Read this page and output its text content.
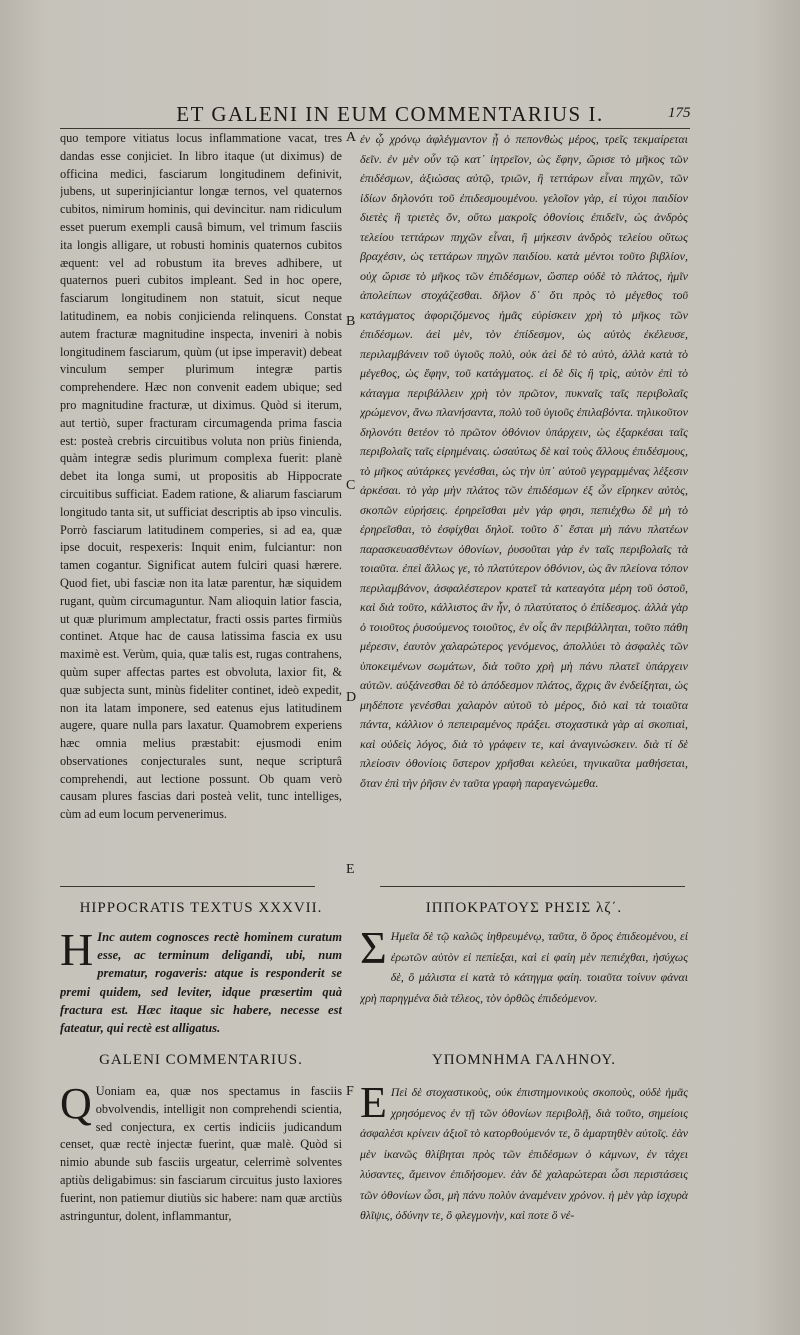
ET GALENI IN EUM COMMENTARIUS I.	175

quo tempore vitiatus locus inflammatione vacat, tres dandas esse conjiciet. In libro itaque (ut diximus) de officina medici, fasciarum longitudinem definivit, jubens, ut superinjiciantur longæ ternos, vel quaternos cubitos, nimirum hominis, qui devincitur. nam ridiculum esset puerum exempli causâ bimum, vel trimum fasciis ita longis alligare, ut robusti hominis quaternos cubitos æquent: vel ad robustum ita breves adhibere, ut quaternos pueri cubitos impleant. Sed in hoc opere, fasciarum longitudinem non statuit, sicut neque latitudinem, ea nobis conjicienda relinquens. Constat autem fracturæ magnitudine inspecta, inveniri à nobis longitudinem fasciarum, quùm (ut ipse imperavit) debeat vinculum semper plurimum integræ partis comprehendere. Hæc non convenit eadem ubique; sed pro magnitudine fracturæ, ut diximus. Quòd si iterum, aut tertiò, super fracturam circumagenda prima fascia est: posteà crebris circuitibus voluta non priùs finienda, quàm integræ sedis plurimum complexa fuerit: planè debet ita longa sumi, ut propositis ab Hippocrate circuitibus sufficiat. Eadem ratione, & aliarum fasciarum longitudo tanta sit, ut sufficiat descriptis ab ipso vinculis. Porrò fasciarum latitudinem comperies, si ad ea, quæ ipse docuit, respexeris: Inquit enim, fulciantur: non tamen cogantur. Significat autem fulciri quasi hærere. Quod fiet, ubi fasciæ non ita latæ parentur, hæ siquidem rugant, quùm circumaguntur. Nam alioquin latior fascia, ut quæ plurimum amplectatur, fracti ossis partes firmiùs continet. Atque hac de causa latissima fascia ex usu maximè est. Verùm, quia, quæ talis est, rugas contrahens, quùm super affectas partes est obvoluta, laxior fit, & quæ subjecta sunt, minùs fideliter continet, ideò expedit, non ita latam imponere, sed eatenus ejus latitudinem augere, quare nulla pars laxatur. Quamobrem experiens hæc omnia melius præstabit: ejusmodi enim observationes conjecturales sunt, neque scripturâ comprehendi, aut lectione possunt. Ob quam verò causam plures fascias dari posteà velit, tunc intelliges, cùm ad eum locum pervenerimus.

A
B
C
D
E
F

ἐν ᾧ χρόνῳ ἀφλέγμαντον ᾖ ὁ πεπονθὼς μέρος, τρεῖς τεκμαίρεται δεῖν. ἐν μὲν οὖν τῷ κατ᾽ ἰητρεῖον, ὡς ἔφην, ὥρισε τὸ μῆκος τῶν ἐπιδέσμων, ἀξιώσας αὐτῷ, τριῶν, ἢ τεττάρων εἶναι πηχῶν, τῶν ἰδίων δηλονότι τοῦ ἐπιδεσμουμένου. γελοῖον γὰρ, εἰ τύχοι παιδίον διετὲς ἢ τριετὲς ὄν, οὕτω μακροῖς ὀθονίοις ἐπιδεῖν, ὡς ἀνδρὸς τελείου τεττάρων πηχῶν εἶναι, ἢ μήκεσιν ἀνδρὸς τελείου οὕτως βραχέσιν, ὡς τεττάρων πηχῶν παιδίου. κατὰ μέντοι τοῦτο βιβλίον, οὐχ ὥρισε τὸ μῆκος τῶν ἐπιδέσμων, ὥσπερ οὐδὲ τὸ πλάτος, ἡμῖν ἀπολείπων στοχάζεσθαι. δῆλον δ᾽ ὅτι πρὸς τὸ μέγεθος τοῦ κατάγματος ἀφοριζόμενος ἡμᾶς εὑρίσκειν χρὴ τὸ μῆκος τῶν ἐπιδέσμων. ἀεὶ μὲν, τὸν ἐπίδεσμον, ὡς αὐτὸς ἐκέλευσε, περιλαμβάνειν τοῦ ὑγιοῦς πολὺ, οὐκ ἀεὶ δὲ τὸ αὐτὸ, ἀλλὰ κατὰ τὸ μέγεθος, ὡς ἔφην, τοῦ κατάγματος. εἰ δὲ δὶς ἢ τρὶς, αὐτὸν ἐπὶ τὸ κάταγμα περιβάλλειν χρὴ τὸν πρῶτον, πυκναῖς ταῖς περιβολαῖς χρώμενον, ἄνω πλανήσαντα, πολὺ τοῦ ὑγιοῦς ἐπιλαβόντα. τηλικοῦτον δηλονότι θετέον τὸ πρῶτον ὀθόνιον ὑπάρχειν, ὡς ἐξαρκέσαι ταῖς περιβολαῖς ταῖς εἰρημέναις. ὡσαύτως δὲ καὶ τοὺς ἄλλους ἐπιδέσμους, τὸ μῆκος αὐτάρκες γενέσθαι, ὡς τὴν ὑπ᾽ αὐτοῦ γεγραμμένας λέξεσιν ἀρκέσαι. τὸ γὰρ μὴν πλάτος τῶν ἐπιδέσμων ἐξ ὧν εἴρηκεν αὐτὸς, σκοπῶν εὑρήσεις. ἐρηρεῖσθαι μὲν γάρ φησι, πεπιέχθω δὲ μὴ τὸ ἐρηρεῖσθαι, τὸ ἐσφίχθαι δηλοῖ. τοῦτο δ᾽ ἔσται μὴ πάνυ πλατέων παρασκευασθέντων ὀθονίων, ῥυσοῦται γὰρ ἐν ταῖς περιβολαῖς τὰ τοιαῦτα. ἐπεὶ ἄλλως γε, τὸ πλατύτερον ὀθόνιον, ὡς ἂν πλείονα τόπον περιλαμβάνον, ἀσφαλέστερον κρατεῖ τὰ κατεαγότα μέρη τοῦ ὀστοῦ, καὶ διὰ τοῦτο, κάλλιστος ἂν ἦν, ὁ πλατύτατος ὁ ἐπίδεσμος. ἀλλὰ γὰρ ὁ τοιοῦτος ῥυσούμενος τοιοῦτος, ἐν οἷς ἂν περιβάλληται, τοῦτο πάθη μέρεσιν, ἐαυτὸν χαλαρώτερος γενόμενος, ἀπολλύει τὸ ἀσφαλὲς τῶν ὑποκειμένων σωμάτων, διὰ τοῦτο χρὴ μὴ πάνυ πλατεῖ ὑπάρχειν αὐτῶν. αὐξάνεσθαι δὲ τὸ ἀπόδεσμον πλάτος, ἄχρις ἂν ἐνδείξηται, ὡς μηδέποτε γενέσθαι χαλαρὸν αὐτοῦ τὸ μέρος, διὸ καὶ τὰ τοιαῦτα πάντα, κάλλιον ὁ πεπειραμένος πράξει. στοχαστικὰ γὰρ αἱ σκοπιαὶ, καὶ οὐδεὶς λόγος, διὰ τὸ γράφειν τε, καὶ ἀναγινώσκειν. διὰ τί δὲ πλείοσιν ὀθονίοις ὕστερον χρῆσθαι κελεύει, τηνικαῦτα μαθήσεται, ὅταν ἐπὶ τὴν ῥῆσιν ἐν ταῦτα γραφὴ παραγενώμεθα.

HIPPOCRATIS TEXTUS XXXVII.	ΙΠΠΟΚΡΑΤΟΥΣ ΡΗΣΙΣ λζ΄.
H Inc autem cognosces rectè hominem curatum esse, ac terminum deligandi, ubi, num prematur, rogaveris: atque is responderit se premi quidem, sed leviter, idque præsertim quà fractura est. Hæc itaque sic habere, necesse est fateatur, qui rectè est alligatus.
Σ Ημεῖα δὲ τῷ καλῶς ἰηθρευμένῳ, ταῦτα, ὃ ὅρος ἐπιδεομένου, εἰ ἐρωτῶν αὐτὸν εἰ πεπίεξαι, καὶ εἰ φαίη μὲν πεπιέχθαι, ἡσύχως δὲ, ὃ μάλιστα εἰ κατὰ τὸ κάτηγμα φαίη. τοιαῦτα τοίνυν φάναι χρὴ παρηγμένα διὰ τέλεος, τὸν ὀρθῶς ἐπιδεόμενον.
GALENI COMMENTARIUS.	ΥΠΟΜΝΗΜΑ ΓΑΛΗΝΟΥ.
Q Uoniam ea, quæ nos spectamus in fasciis obvolvendis, intelligit non comprehendi scientia, sed conjectura, ex certis indiciis judicandum censet, quæ rectè injectæ fuerint, quæ malè. Quòd si nimio abunde sub fasciis urgeatur, celerrimè solventes aptiùs deligabimus: sin fasciarum circuitus justo laxiores fuerint, non patiemur diutiùs sic habere: nam quæ arctiùs astringuntur, dolent, inflammantur,
Ε Πεὶ δὲ στοχαστικοὺς, οὐκ ἐπιστημονικοὺς σκοποὺς, οὐδὲ ἡμᾶς χρησόμενος ἐν τῇ τῶν ὀθονίων περιβολῇ, διὰ τοῦτο, σημείοις ἀσφαλέσι κρίνειν ἀξιοῖ τὸ κατορθούμενόν τε, ὃ ἁμαρτηθὲν αὐτοῖς. ἐὰν μὲν ἱκανῶς θλίβηται πρὸς τῶν ἐπιδέσμων ὁ κάμνων, ἐν τάχει λύσαντες, ἄμεινον ἐπιδήσομεν. ἐὰν δὲ χαλαρώτεραι ὦσι περιστάσεις τῶν ὀθονίων ὦσι, μὴ πάνυ πολὺν ἀναμένειν χρόνον. ἡ μὲν γὰρ ἰσχυρὰ θλῖψις, ὀδύνην τε, ὃ φλεγμονὴν, καὶ ποτε ὃ νέ-
